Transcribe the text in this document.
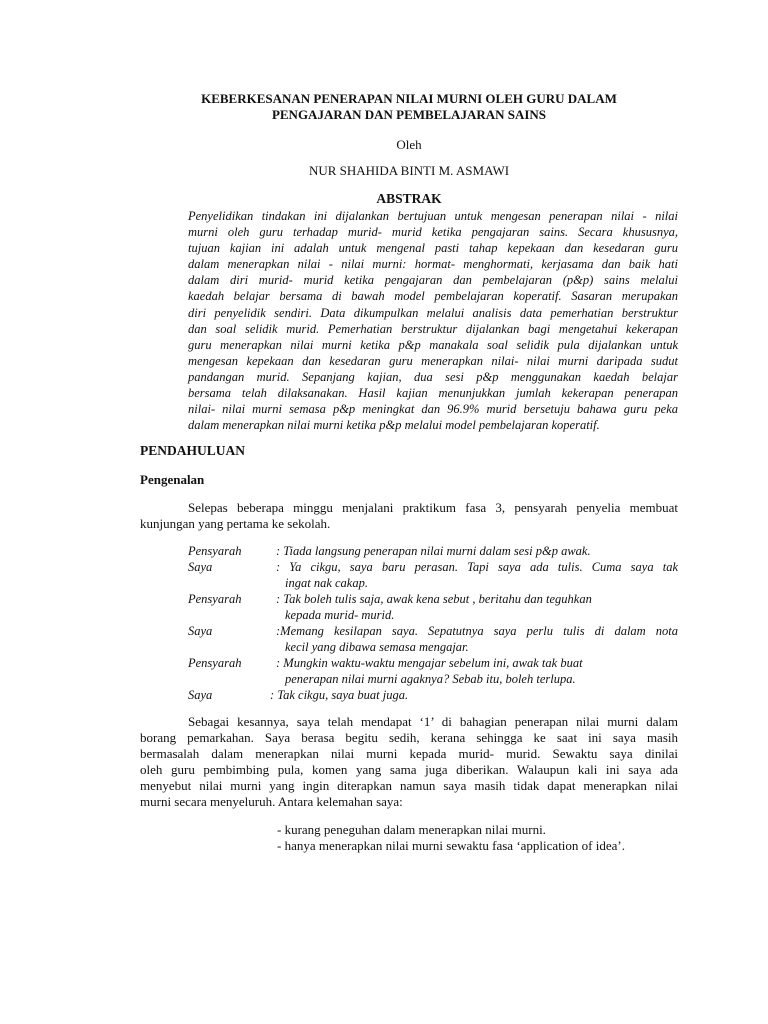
KEBERKESANAN PENERAPAN NILAI MURNI OLEH GURU DALAM
PENGAJARAN DAN PEMBELAJARAN SAINS
Oleh
NUR SHAHIDA BINTI M. ASMAWI
ABSTRAK
Penyelidikan tindakan ini dijalankan bertujuan untuk mengesan penerapan nilai - nilai
murni oleh guru terhadap murid- murid ketika pengajaran sains. Secara khususnya,
tujuan kajian ini adalah untuk mengenal pasti tahap kepekaan dan kesedaran guru
dalam menerapkan nilai - nilai murni: hormat- menghormati, kerjasama dan baik hati
dalam diri murid- murid ketika pengajaran dan pembelajaran (p&p) sains melalui
kaedah belajar bersama di bawah model pembelajaran koperatif. Sasaran merupakan
diri penyelidik sendiri. Data dikumpulkan melalui analisis data pemerhatian berstruktur
dan soal selidik murid. Pemerhatian berstruktur dijalankan bagi mengetahui kekerapan
guru menerapkan nilai murni ketika p&p manakala soal selidik pula dijalankan untuk
mengesan kepekaan dan kesedaran guru menerapkan nilai- nilai murni daripada sudut
pandangan murid. Sepanjang kajian, dua sesi p&p menggunakan kaedah belajar
bersama telah dilaksanakan. Hasil kajian menunjukkan jumlah kekerapan penerapan
nilai- nilai murni semasa p&p meningkat dan 96.9% murid bersetuju bahawa guru peka
dalam menerapkan nilai murni ketika p&p melalui model pembelajaran koperatif.
PENDAHULUAN
Pengenalan
Selepas beberapa minggu menjalani praktikum fasa 3, pensyarah penyelia membuat
kunjungan yang pertama ke sekolah.
Pensyarah	: Tiada langsung penerapan nilai murni dalam sesi p&p awak.
Saya	: Ya cikgu, saya baru perasan. Tapi saya ada tulis. Cuma saya tak
ingat nak cakap.
Pensyarah	: Tak boleh tulis saja, awak kena sebut , beritahu dan teguhkan
kepada murid- murid.
Saya	:Memang kesilapan saya. Sepatutnya saya perlu tulis di dalam nota
kecil yang dibawa semasa mengajar.
Pensyarah	: Mungkin waktu-waktu mengajar sebelum ini, awak tak buat
penerapan nilai murni agaknya? Sebab itu, boleh terlupa.
Saya	: Tak cikgu, saya buat juga.
Sebagai kesannya, saya telah mendapat ‘1’ di bahagian penerapan nilai murni dalam
borang pemarkahan. Saya berasa begitu sedih, kerana sehingga ke saat ini saya masih
bermasalah dalam menerapkan nilai murni kepada murid- murid. Sewaktu saya dinilai
oleh guru pembimbing pula, komen yang sama juga diberikan. Walaupun kali ini saya ada
menyebut nilai murni yang ingin diterapkan namun saya masih tidak dapat menerapkan nilai
murni secara menyeluruh. Antara kelemahan saya:
- kurang peneguhan dalam menerapkan nilai murni.
- hanya menerapkan nilai murni sewaktu fasa ‘application of idea’.
